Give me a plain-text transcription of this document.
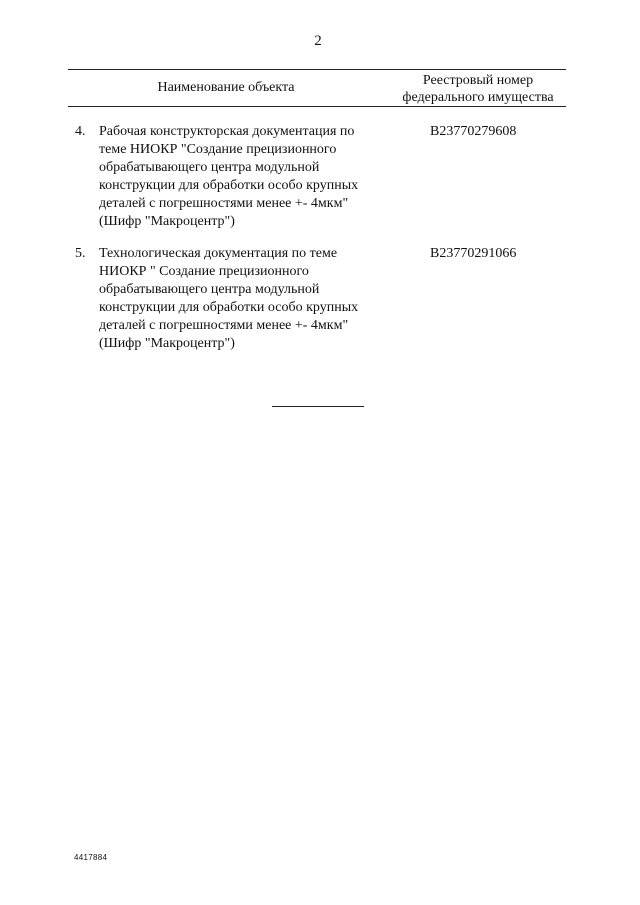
2
Наименование объекта	Реестровый номер
федерального имущества
4. Рабочая конструкторская документация по
теме НИОКР "Создание прецизионного
обрабатывающего центра модульной
конструкции для обработки особо крупных
деталей с погрешностями менее +- 4мкм"
(Шифр "Макроцентр")
В23770279608
5. Технологическая документация по теме
НИОКР " Создание прецизионного
обрабатывающего центра модульной
конструкции для обработки особо крупных
деталей с погрешностями менее +- 4мкм"
(Шифр "Макроцентр")
В23770291066
4417884
